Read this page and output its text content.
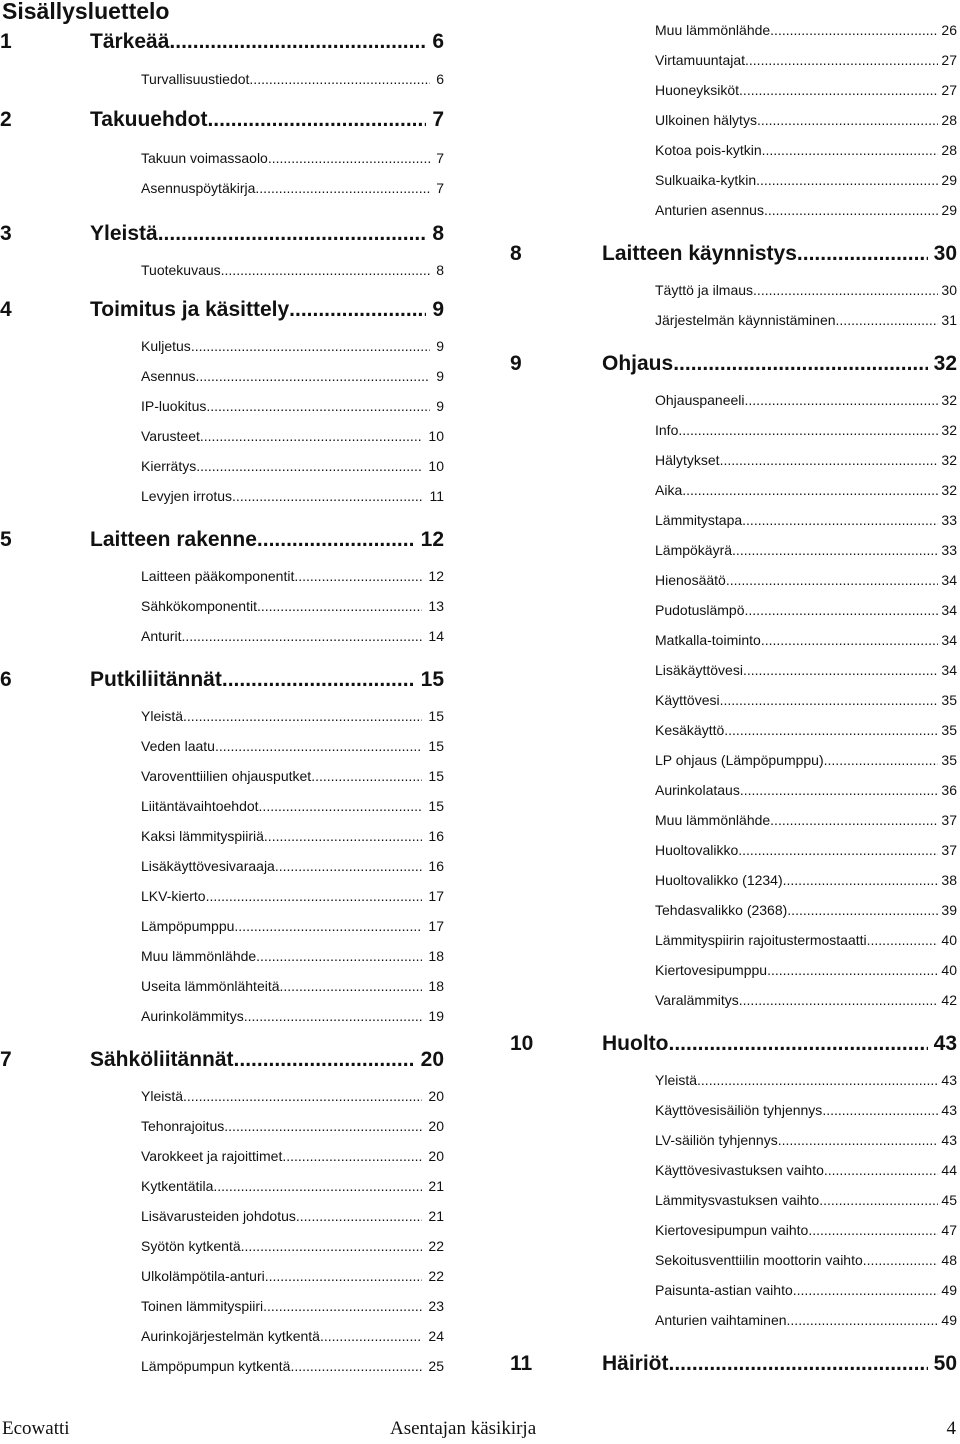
Sisällysluettelo
1	Tärkeää .....	6
Turvallisuustiedot .....	6
2	Takuuehdot .....	7
Takuun voimassaolo .....	7
Asennuspöytäkirja .....	7
3	Yleistä .....	8
Tuotekuvaus .....	8
4	Toimitus ja käsittely .....	9
Kuljetus .....	9
Asennus .....	9
IP-luokitus .....	9
Varusteet .....	10
Kierrätys .....	10
Levyjen irrotus .....	11
5	Laitteen rakenne .....	12
Laitteen pääkomponentit .....	12
Sähkökomponentit .....	13
Anturit .....	14
6	Putkiliitännät .....	15
Yleistä .....	15
Veden laatu .....	15
Varoventtiilien ohjausputket .....	15
Liitäntävaihtoehdot .....	15
Kaksi lämmityspiiriä .....	16
Lisäkäyttövesivaraaja .....	16
LKV-kierto .....	17
Lämpöpumppu .....	17
Muu lämmönlähde .....	18
Useita lämmönlähteitä .....	18
Aurinkolämmitys .....	19
7	Sähköliitännät .....	20
Yleistä .....	20
Tehonrajoitus .....	20
Varokkeet ja rajoittimet .....	20
Kytkentätila .....	21
Lisävarusteiden johdotus .....	21
Syötön kytkentä .....	22
Ulkolämpötila-anturi .....	22
Toinen lämmityspiiri .....	23
Aurinkojärjestelmän kytkentä .....	24
Lämpöpumpun kytkentä .....	25
Muu lämmönlähde .....	26
Virtamuuntajat .....	27
Huoneyksiköt .....	27
Ulkoinen hälytys .....	28
Kotoa pois-kytkin .....	28
Sulkuaika-kytkin .....	29
Anturien asennus .....	29
8	Laitteen käynnistys .....	30
Täyttö ja ilmaus .....	30
Järjestelmän käynnistäminen .....	31
9	Ohjaus .....	32
Ohjauspaneeli .....	32
Info .....	32
Hälytykset .....	32
Aika .....	32
Lämmitystapa .....	33
Lämpökäyrä .....	33
Hienosäätö .....	34
Pudotuslämpö .....	34
Matkalla-toiminto .....	34
Lisäkäyttövesi .....	34
Käyttövesi .....	35
Kesäkäyttö .....	35
LP ohjaus (Lämpöpumppu) .....	35
Aurinkolataus .....	36
Muu lämmönlähde .....	37
Huoltovalikko .....	37
Huoltovalikko (1234) .....	38
Tehdasvalikko (2368) .....	39
Lämmityspiirin rajoitustermostaatti .....	40
Kiertovesipumppu .....	40
Varalämmitys .....	42
10	Huolto .....	43
Yleistä .....	43
Käyttövesisäiliön tyhjennys .....	43
LV-säiliön tyhjennys .....	43
Käyttövesivastuksen vaihto .....	44
Lämmitysvastuksen vaihto .....	45
Kiertovesipumpun vaihto .....	47
Sekoitusventtiilin moottorin vaihto .....	48
Paisunta-astian vaihto .....	49
Anturien vaihtaminen .....	49
11	Häiriöt .....	50
Ecowatti	Asentajan käsikirja	4
